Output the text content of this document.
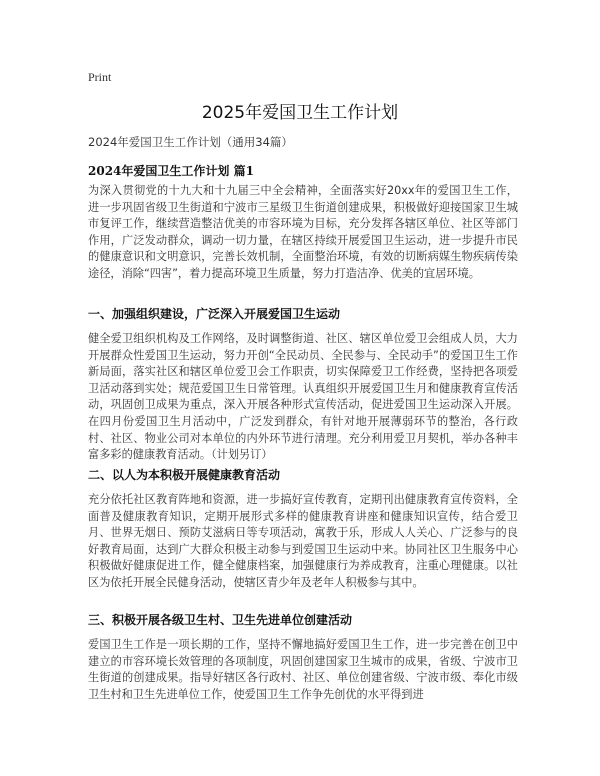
Print
2025年爱国卫生工作计划
2024年爱国卫生工作计划（通用34篇）
2024年爱国卫生工作计划 篇1

为深入贯彻党的十九大和十九届三中全会精神，全面落实好20xx年的爱国卫生工作，进一步巩固省级卫生街道和宁波市三星级卫生街道创建成果，积极做好迎接国家卫生城市复评工作，继续营造整洁优美的市容环境为目标，充分发挥各辖区单位、社区等部门作用，广泛发动群众，调动一切力量，在辖区持续开展爱国卫生运动，进一步提升市民的健康意识和文明意识，完善长效机制，全面整治环境，有效的切断病媒生物疾病传染途径，消除“四害”，着力提高环境卫生质量，努力打造洁净、优美的宜居环境。

一、加强组织建设，广泛深入开展爱国卫生运动

健全爱卫组织机构及工作网络，及时调整街道、社区、辖区单位爱卫会组成人员，大力开展群众性爱国卫生运动，努力开创“全民动员、全民参与、全民动手”的爱国卫生工作新局面，落实社区和辖区单位爱卫会工作职责，切实保障爱卫工作经费，坚持把各项爱卫活动落到实处；规范爱国卫生日常管理。认真组织开展爱国卫生月和健康教育宣传活动，巩固创卫成果为重点，深入开展各种形式宣传活动，促进爱国卫生运动深入开展。在四月份爱国卫生月活动中，广泛发到群众，有针对地开展薄弱环节的整治，各行政村、社区、物业公司对本单位的内外环节进行清理。充分利用爱卫月契机，举办各种丰富多彩的健康教育活动。（计划另订）

二、以人为本积极开展健康教育活动

充分依托社区教育阵地和资源，进一步搞好宣传教育，定期刊出健康教育宣传资料，全面普及健康教育知识，定期开展形式多样的健康教育讲座和健康知识宣传，结合爱卫月、世界无烟日、预防艾滋病日等专项活动，寓教于乐，形成人人关心、广泛参与的良好教育局面，达到广大群众积极主动参与到爱国卫生运动中来。协同社区卫生服务中心积极做好健康促进工作，健全健康档案，加强健康行为养成教育，注重心理健康。以社区为依托开展全民健身活动，使辖区青少年及老年人积极参与其中。

三、积极开展各级卫生村、卫生先进单位创建活动

爱国卫生工作是一项长期的工作，坚持不懈地搞好爱国卫生工作，进一步完善在创卫中建立的市容环境长效管理的各项制度，巩固创建国家卫生城市的成果，省级、宁波市卫生街道的创建成果。指导好辖区各行政村、社区、单位创建省级、宁波市级、奉化市级卫生村和卫生先进单位工作，使爱国卫生工作争先创优的水平得到进
